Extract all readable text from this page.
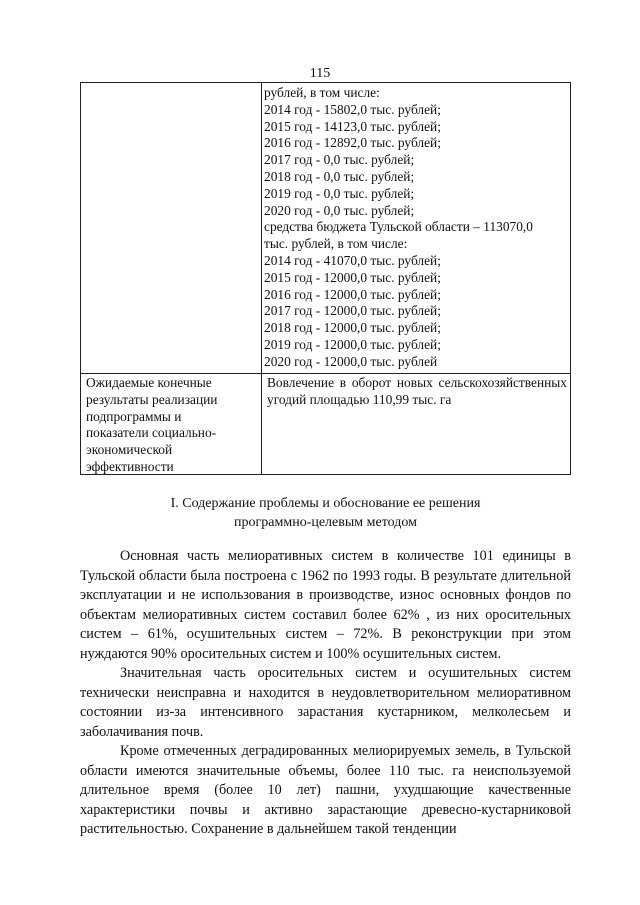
115
рублей, в том числе:
2014 год - 15802,0 тыс. рублей;
2015 год - 14123,0 тыс. рублей;
2016 год - 12892,0 тыс. рублей;
2017 год - 0,0 тыс. рублей;
2018 год - 0,0 тыс. рублей;
2019 год - 0,0 тыс. рублей;
2020 год - 0,0 тыс. рублей;
средства бюджета Тульской области – 113070,0
тыс. рублей, в том числе:
2014 год - 41070,0 тыс. рублей;
2015 год - 12000,0 тыс. рублей;
2016 год - 12000,0 тыс. рублей;
2017 год - 12000,0 тыс. рублей;
2018 год - 12000,0 тыс. рублей;
2019 год - 12000,0 тыс. рублей;
2020 год - 12000,0 тыс. рублей
Ожидаемые конечные
результаты реализации
подпрограммы и
показатели социально-
экономической
эффективности
Вовлечение в оборот новых сельскохозяйственных угодий площадью 110,99 тыс. га
I. Содержание проблемы и обоснование ее решения
программно-целевым методом

Основная часть мелиоративных систем в количестве 101 единицы в Тульской области была построена с 1962 по 1993 годы. В результате длительной эксплуатации и не использования в производстве, износ основных фондов по объектам мелиоративных систем составил более 62% , из них оросительных систем – 61%, осушительных систем – 72%. В реконструкции при этом нуждаются 90% оросительных систем и 100% осушительных систем.

Значительная часть оросительных систем и осушительных систем технически неисправна и находится в неудовлетворительном мелиоративном состоянии из-за интенсивного зарастания кустарником, мелколесьем и заболачивания почв.

Кроме отмеченных деградированных мелиорируемых земель, в Тульской области имеются значительные объемы, более 110 тыс. га неиспользуемой длительное время (более 10 лет) пашни, ухудшающие качественные характеристики почвы и активно зарастающие древесно-кустарниковой растительностью. Сохранение в дальнейшем такой тенденции
